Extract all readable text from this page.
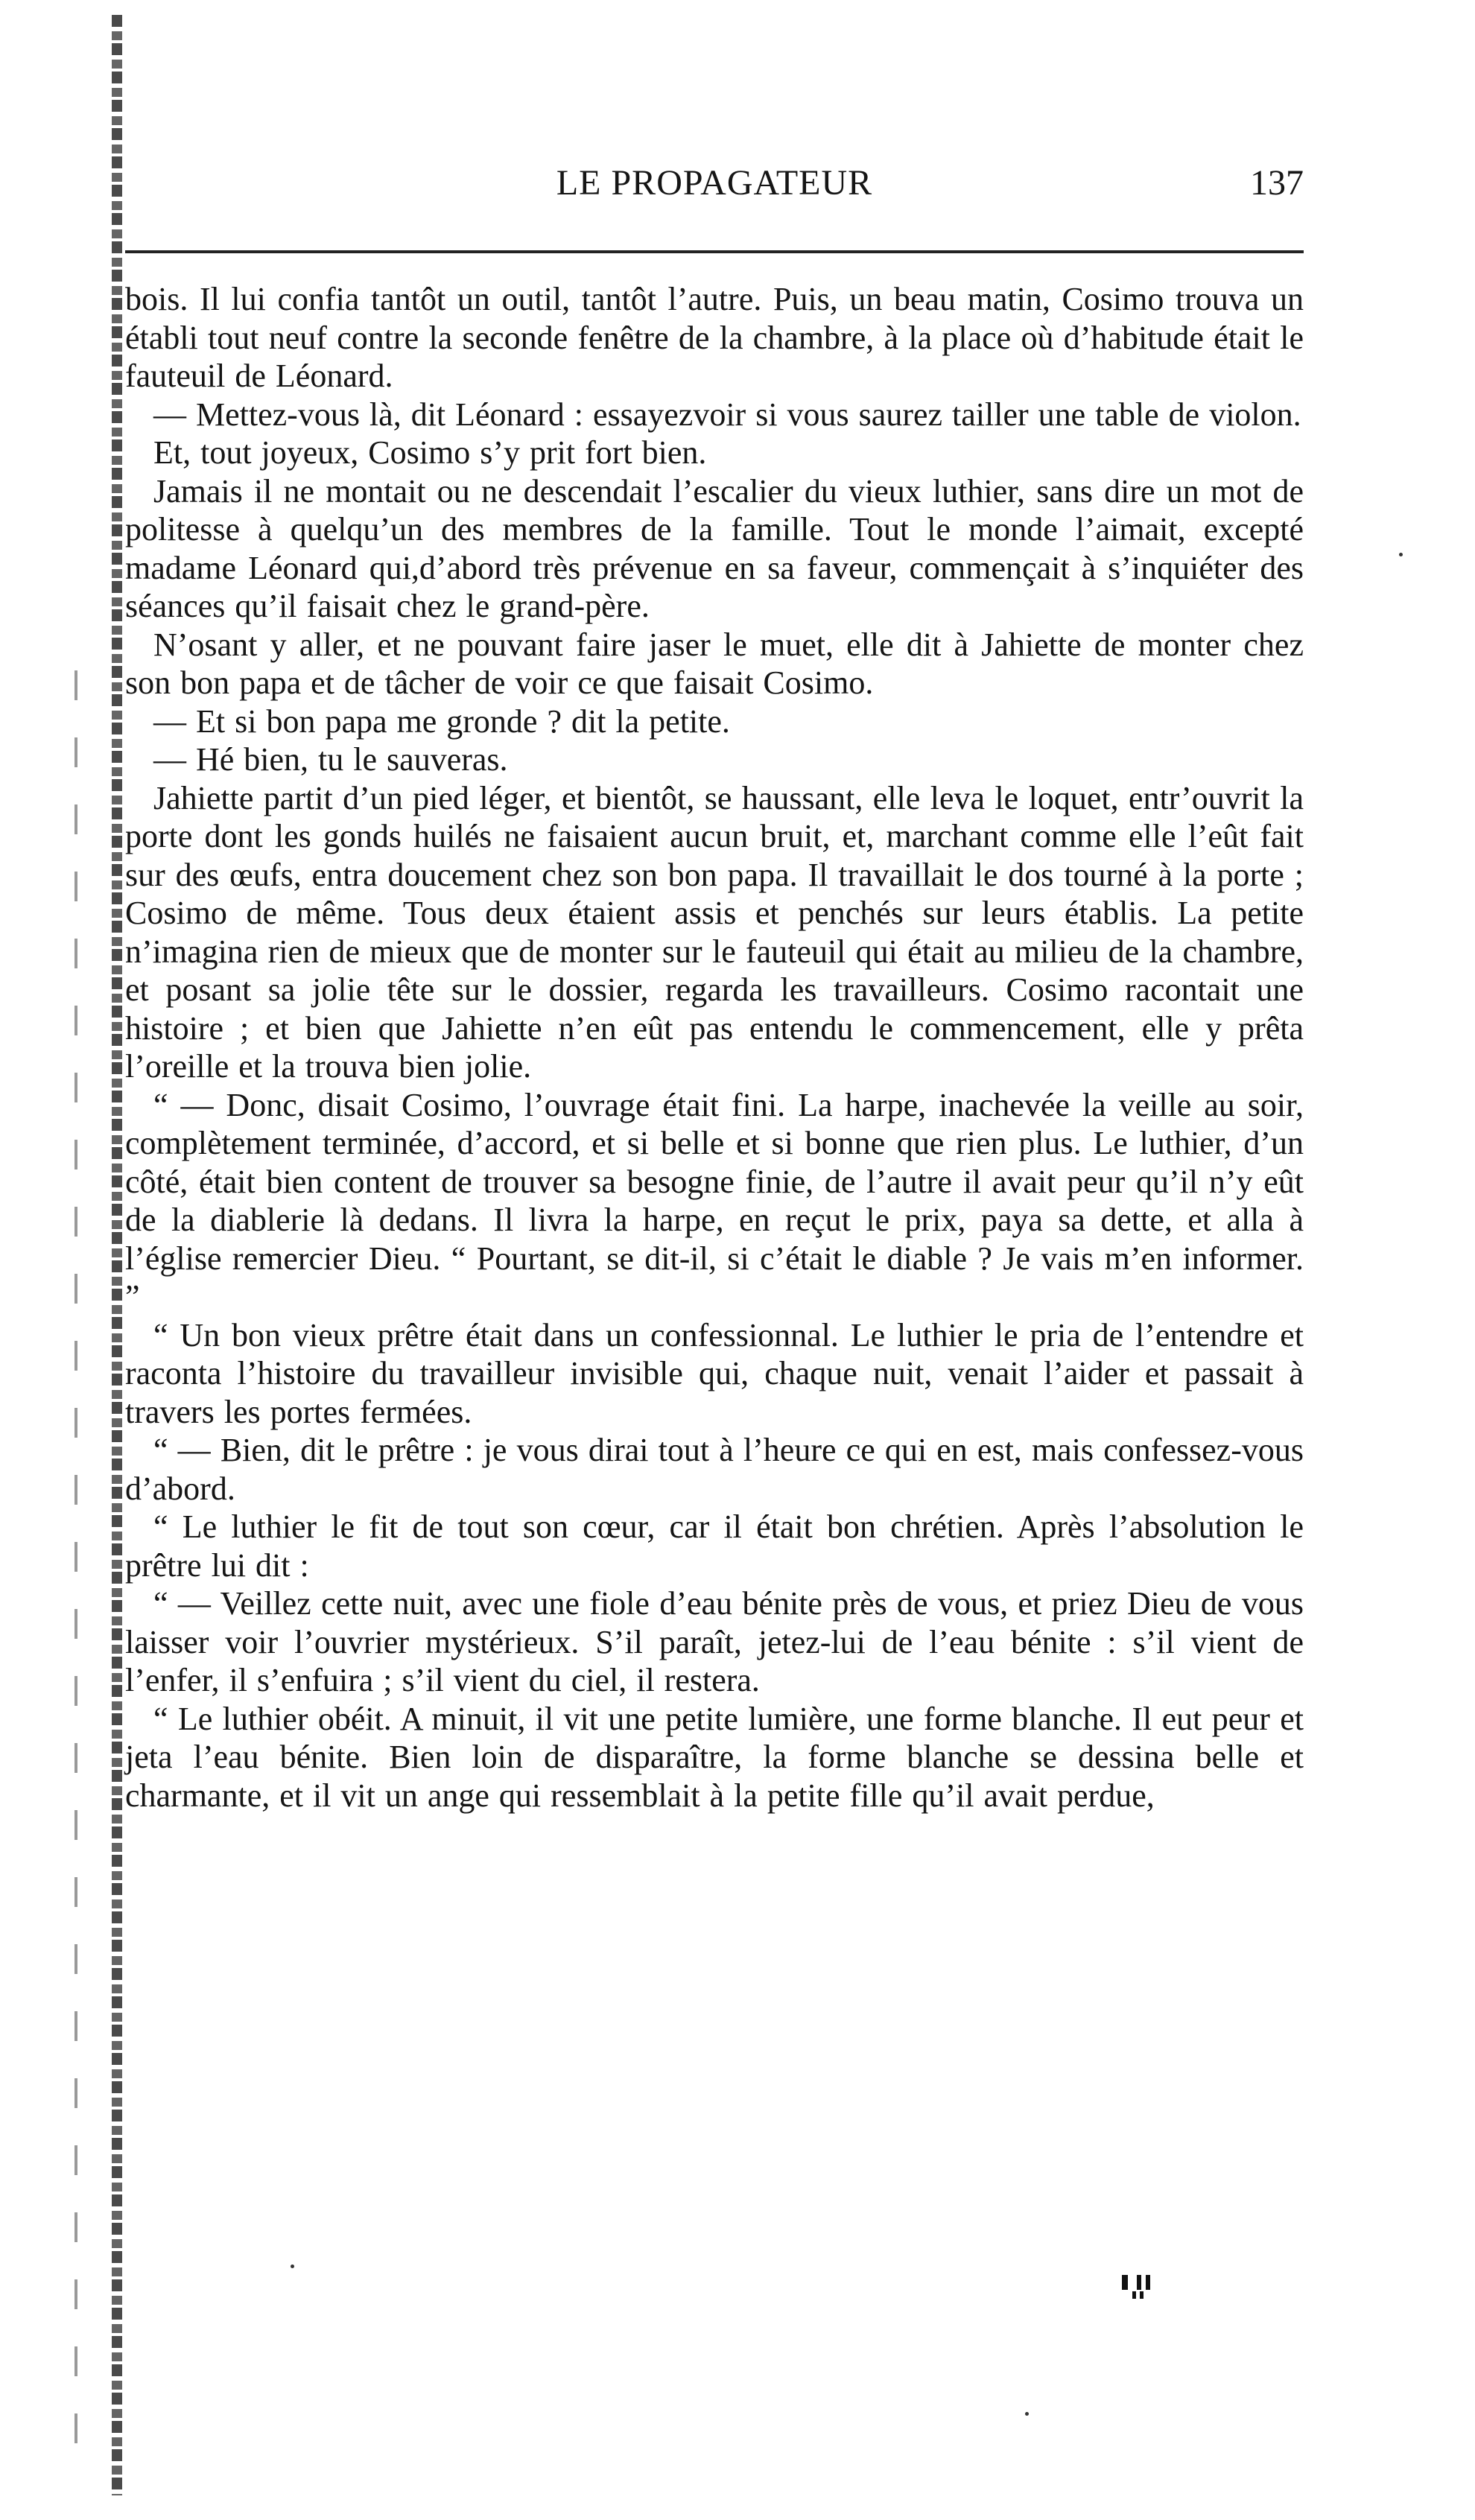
LE PROPAGATEUR	137

bois. Il lui confia tantôt un outil, tantôt l’autre. Puis, un beau matin, Cosimo trouva un établi tout neuf contre la seconde fenêtre de la chambre, à la place où d’habitude était le fauteuil de Léonard.

— Mettez-vous là, dit Léonard : essayezvoir si vous saurez tailler une table de violon.

Et, tout joyeux, Cosimo s’y prit fort bien.

Jamais il ne montait ou ne descendait l’escalier du vieux luthier, sans dire un mot de politesse à quelqu’un des membres de la famille. Tout le monde l’aimait, excepté madame Léonard qui,d’abord très prévenue en sa faveur, commençait à s’inquiéter des séances qu’il faisait chez le grand-père.

N’osant y aller, et ne pouvant faire jaser le muet, elle dit à Jahiette de monter chez son bon papa et de tâcher de voir ce que faisait Cosimo.

— Et si bon papa me gronde ? dit la petite.

— Hé bien, tu le sauveras.

Jahiette partit d’un pied léger, et bientôt, se haussant, elle leva le loquet, entr’ouvrit la porte dont les gonds huilés ne faisaient aucun bruit, et, marchant comme elle l’eût fait sur des œufs, entra doucement chez son bon papa. Il travaillait le dos tourné à la porte ; Cosimo de même. Tous deux étaient assis et penchés sur leurs établis. La petite n’imagina rien de mieux que de monter sur le fauteuil qui était au milieu de la chambre, et posant sa jolie tête sur le dossier, regarda les travailleurs. Cosimo racontait une histoire ; et bien que Jahiette n’en eût pas entendu le commencement, elle y prêta l’oreille et la trouva bien jolie.

“ — Donc, disait Cosimo, l’ouvrage était fini. La harpe, inachevée la veille au soir, complètement terminée, d’accord, et si belle et si bonne que rien plus. Le luthier, d’un côté, était bien content de trouver sa besogne finie, de l’autre il avait peur qu’il n’y eût de la diablerie là dedans. Il livra la harpe, en reçut le prix, paya sa dette, et alla à l’église remercier Dieu. “ Pourtant, se dit-il, si c’était le diable ? Je vais m’en informer. ”

“ Un bon vieux prêtre était dans un confessionnal. Le luthier le pria de l’entendre et raconta l’histoire du travailleur invisible qui, chaque nuit, venait l’aider et passait à travers les portes fermées.

“ — Bien, dit le prêtre : je vous dirai tout à l’heure ce qui en est, mais confessez-vous d’abord.

“ Le luthier le fit de tout son cœur, car il était bon chrétien. Après l’absolution le prêtre lui dit :

“ — Veillez cette nuit, avec une fiole d’eau bénite près de vous, et priez Dieu de vous laisser voir l’ouvrier mystérieux. S’il paraît, jetez-lui de l’eau bénite : s’il vient de l’enfer, il s’enfuira ; s’il vient du ciel, il restera.

“ Le luthier obéit. A minuit, il vit une petite lumière, une forme blanche. Il eut peur et jeta l’eau bénite. Bien loin de disparaître, la forme blanche se dessina belle et charmante, et il vit un ange qui ressemblait à la petite fille qu’il avait perdue,
